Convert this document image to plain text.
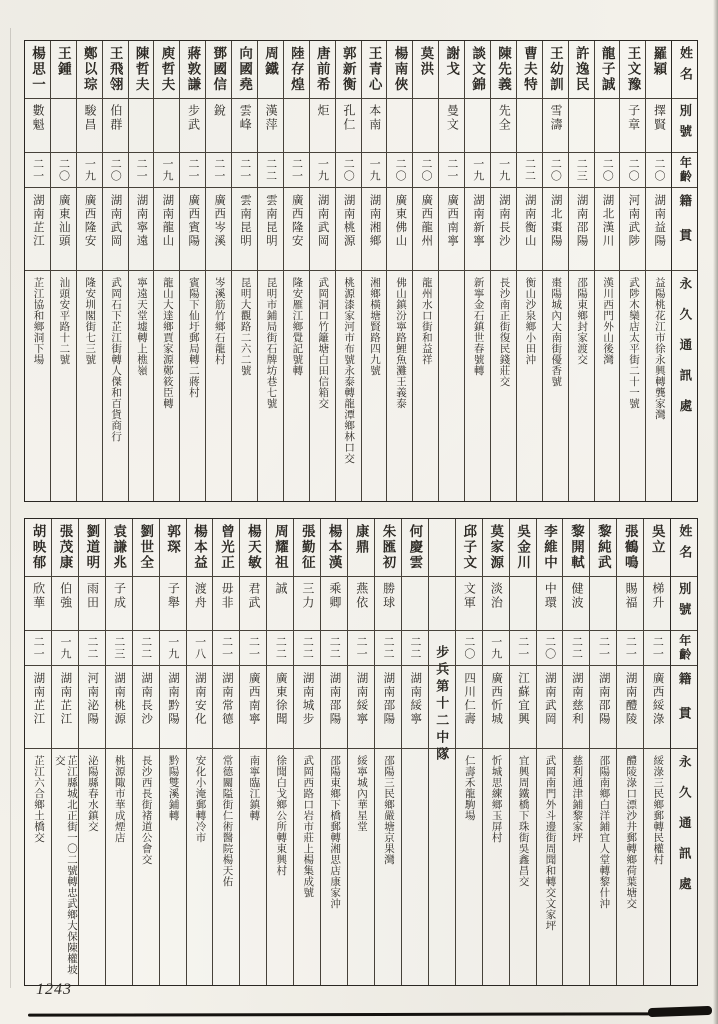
楊思一
數魁
二一
湖南芷江
芷江協和鄉洞下場
王鍾
二〇
廣東汕頭
汕頭安平路十二號
鄭以琮
駿昌
一九
廣西隆安
隆安圳閣街七三號
王飛翎
伯群
二〇
湖南武岡
武岡石下芷江街轉人傑和百貨商行
陳哲夫
二一
湖南寧遠
寧遠天堂墟轉上樵嶺
庾哲夫
一九
湖南龍山
龍山大達鄉賈家源鄭筱臣轉
蔣敦謙
步武
二一
廣西賓陽
賓陽下仙圩郵局轉二蔣村
鄧國信
銳
二一
廣西岑溪
岑溪筋竹鄉石龍村
向國堯
雲峰
二一
雲南昆明
昆明大觀路二六二號
周鐵
漢萍
二二
雲南昆明
昆明市鋪局街石牌坊巷七號
陸存煌
二一
廣西隆安
隆安雁江鄉覺記號轉
唐前希
炬
一九
湖南武岡
武岡洞口竹籬塘白田信箱交
郭新衡
孔仁
二〇
湖南桃源
桃源漆家河市布號永泰轉龍潭鄉林口交
王青心
本南
一九
湖南湘鄉
湘鄉橫塘賢路四九號
楊南俠
二〇
廣東佛山
佛山鎮汾寧路鯉魚灘王義泰
莫洪
二〇
廣西龍州
龍州水口街和益祥
謝戈
曼文
二一
廣西南寧
談文錦
一九
湖南新寧
新寧金石鎮世春號轉
陳先義
先全
一九
湖南長沙
長沙南正街復民錢莊交
曹夫特
二二
湖南衡山
衡山沙泉鄉小田沖
王幼訓
雪濤
二〇
湖北棗陽
棗陽城內大南街優香號
許逸民
二三
湖南邵陽
邵陽東鄉封家渡交
龍子誠
二〇
湖北漢川
漢川西門外山後灣
王文豫
子章
二〇
河南武陟
武陟木欒店太平街二十一號
羅穎
擇賢
二〇
湖南益陽
益陽桃花江市徐永興轉龔家灣
姓名
別號
年齡
籍貫
永久通訊處
胡映郁
欣華
二一
湖南芷江
芷江六合鄉土橋交
張茂康
伯強
一九
湖南芷江
芷江縣城北正街一〇二號轉忠武鄉大保陳權坡交
劉道明
雨田
二二
河南泌陽
泌陽縣春水鎮交
袁謙兆
子成
二三
湖南桃源
桃源陬市華成煙店
劉世全
二二
湖南長沙
長沙西長街褚道公會交
郭琛
子舉
一九
湖南黔陽
黔陽雙溪鋪轉
楊本益
渡舟
一八
湖南安化
安化小淹郵轉冷市
曾光正
毋非
二一
湖南常德
常德關隘街仁術醫院楊天佑
楊天敏
君武
二一
廣西南寧
南寧臨江鎮轉
周耀祖
誠
二二
廣東徐聞
徐聞白戈鄉公所轉東興村
張勤征
三力
二二
湖南城步
武岡西路口岩市莊上楊集成號
楊本漢
乘卿
二二
湖南邵陽
邵陽東鄉下橋郵轉湘思店康家沖
康鼎
燕依
二一
湖南綏寧
綏寧城內華星堂
朱匯初
勝球
二二
湖南邵陽
邵陽三民鄉嚴塘京果灣
何慶雲
二二
湖南綏寧 步兵第十二中隊
邱子文
文軍
二〇
四川仁壽
仁壽禾龍駒場
莫家源
淡治
一九
廣西忻城
忻城思練鄉玉屏村
吳金川
二一
江蘇宜興
宜興周鐵橋下珠街吳鑫昌交
李維中
中環
二〇
湖南武岡
武岡南門外斗邊街周聞和轉交文家坪
黎開軾
健波
二二
湖南慈利
慈利通津鋪黎家坪
黎純武
二一
湖南邵陽
邵陽南鄉白洋鋪宜人堂轉黎什沖
張鶴鳴
賜福
二一
湖南醴陵
醴陵淥口漂沙井郵轉鄉荷葉塘交
吳立
梯升
二一
廣西綏淥
綏淥三民鄉郵轉民權村
姓名
別號
年齡
籍貫
永久通訊處
1243
